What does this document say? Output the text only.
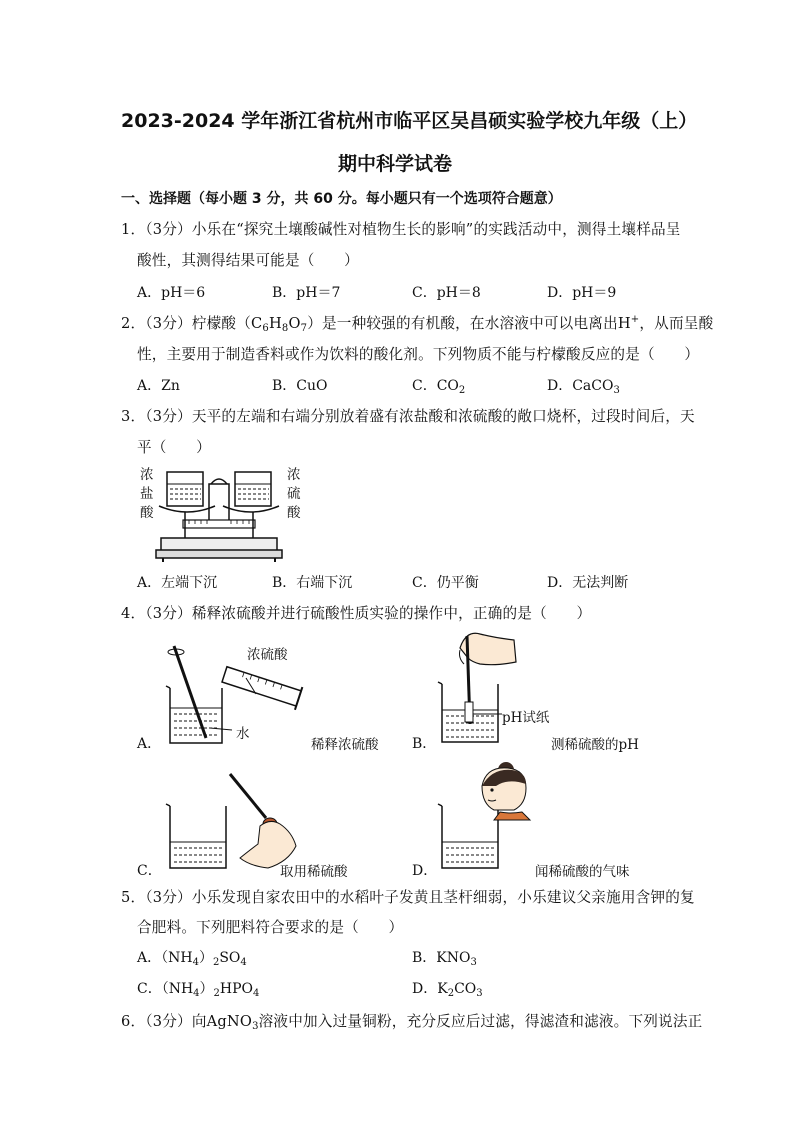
2023-2024 学年浙江省杭州市临平区吴昌硕实验学校九年级（上）
期中科学试卷
一、选择题（每小题 3 分，共 60 分。每小题只有一个选项符合题意）
1．（3分）小乐在“探究土壤酸碱性对植物生长的影响”的实践活动中，测得土壤样品呈
酸性，其测得结果可能是（　　）
A．pH＝6	B．pH＝7	C．pH＝8	D．pH＝9
2．（3分）柠檬酸$(C_6H_8O_7)$是一种较强的有机酸，在水溶液中可以电离出H+，从而呈酸
性，主要用于制造香料或作为饮料的酸化剂。下列物质不能与柠檬酸反应的是（　　）
A．Zn	B．CuO	C．$CO_2$	D．CaCO$_3$
3．（3分）天平的左端和右端分别放着盛有浓盐酸和浓硫酸的敞口烧杯，过段时间后，天
平（　　）
浓
盐
酸
浓
硫
酸
A．左端下沉	B．右端下沉	C．仍平衡	D．无法判断
4．（3分）稀释浓硫酸并进行硫酸性质实验的操作中，正确的是（　　）
浓硫酸
水
A．	稀释浓硫酸
pH试纸
B．	测稀硫酸的pH
C．	取用稀硫酸	D．	闻稀硫酸的气味
5．（3分）小乐发现自家农田中的水稻叶子发黄且茎杆细弱，小乐建议父亲施用含钾的复
合肥料。下列肥料符合要求的是（　　）
A．$(NH_4)_2SO_4$	B．$KNO_3$
C．$(NH_4)_2HPO_4$	D．$K_2CO_3$
6．（3分）向AgNO$_3$溶液中加入过量铜粉，充分反应后过滤，得滤渣和滤液。下列说法正
